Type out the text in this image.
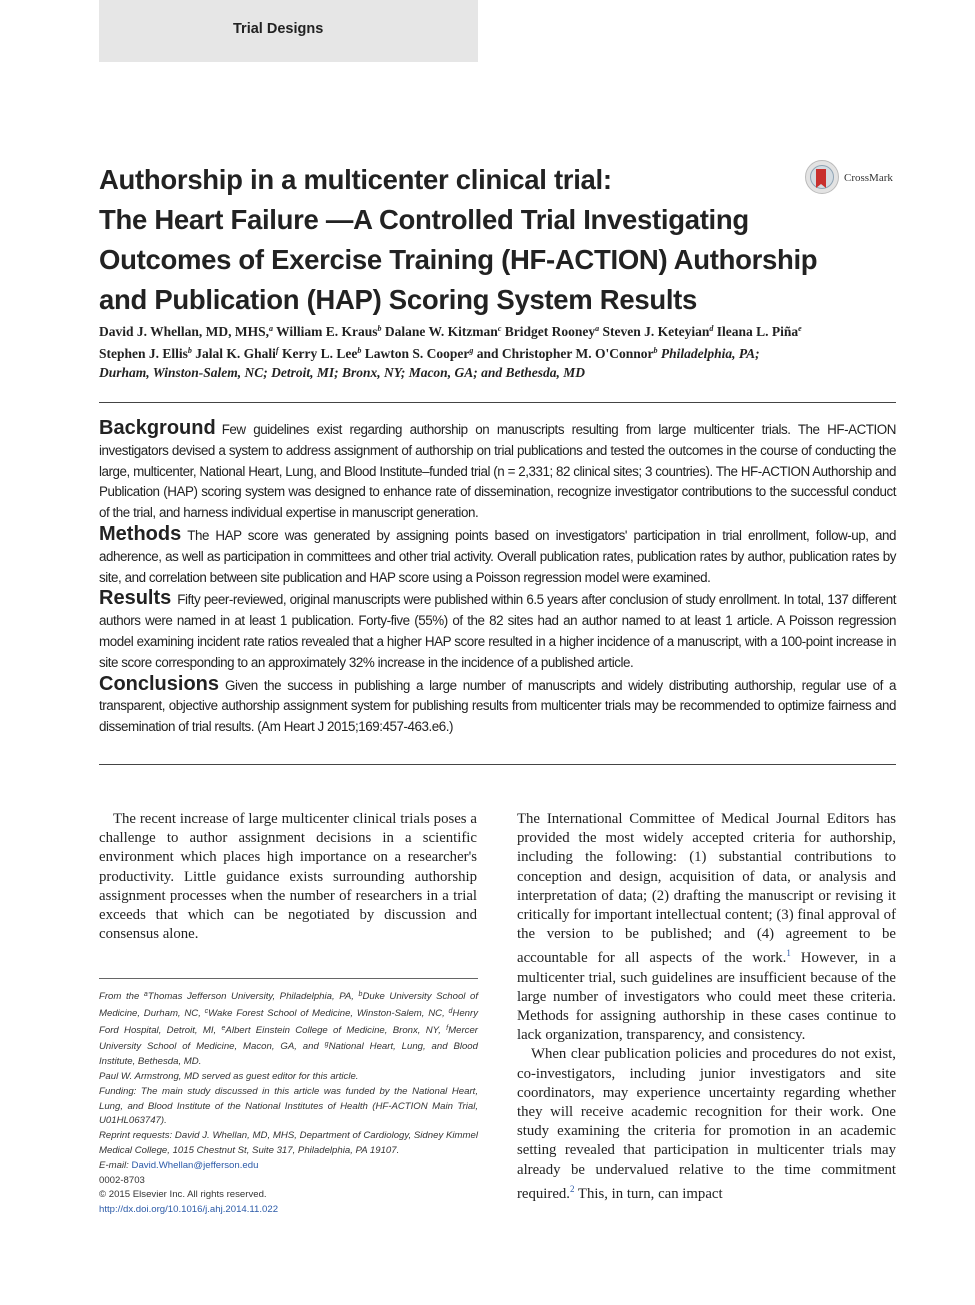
Trial Designs
Authorship in a multicenter clinical trial:
The Heart Failure —A Controlled Trial Investigating
Outcomes of Exercise Training (HF-ACTION) Authorship
and Publication (HAP) Scoring System Results
CrossMark
David J. Whellan, MD, MHS,$^a$ William E. Kraus$^b$ Dalane W. Kitzman$^c$ Bridget Rooney$^a$ Steven J. Keteyian$^d$ Ileana L. Piña$^e$
Stephen J. Ellis$^b$ Jalal K. Ghali$^f$ Kerry L. Lee$^b$ Lawton S. Cooper$^g$ and Christopher M. O'Connor$^b$ Philadelphia, PA;
Durham, Winston-Salem, NC; Detroit, MI; Bronx, NY; Macon, GA; and Bethesda, MD

Background Few guidelines exist regarding authorship on manuscripts resulting from large multicenter trials. The HF-ACTION investigators devised a system to address assignment of authorship on trial publications and tested the outcomes in the course of conducting the large, multicenter, National Heart, Lung, and Blood Institute–funded trial (n = 2,331; 82 clinical sites; 3 countries). The HF-ACTION Authorship and Publication (HAP) scoring system was designed to enhance rate of dissemination, recognize investigator contributions to the successful conduct of the trial, and harness individual expertise in manuscript generation.

Methods The HAP score was generated by assigning points based on investigators' participation in trial enrollment, follow-up, and adherence, as well as participation in committees and other trial activity. Overall publication rates, publication rates by author, publication rates by site, and correlation between site publication and HAP score using a Poisson regression model were examined.

Results Fifty peer-reviewed, original manuscripts were published within 6.5 years after conclusion of study enrollment. In total, 137 different authors were named in at least 1 publication. Forty-five (55%) of the 82 sites had an author named to at least 1 article. A Poisson regression model examining incident rate ratios revealed that a higher HAP score resulted in a higher incidence of a manuscript, with a 100-point increase in site score corresponding to an approximately 32% increase in the incidence of a published article.

Conclusions Given the success in publishing a large number of manuscripts and widely distributing authorship, regular use of a transparent, objective authorship assignment system for publishing results from multicenter trials may be recommended to optimize fairness and dissemination of trial results. (Am Heart J 2015;169:457-463.e6.)

The recent increase of large multicenter clinical trials poses a challenge to author assignment decisions in a scientific environment which places high importance on a researcher's productivity. Little guidance exists surrounding authorship assignment processes when the number of researchers in a trial exceeds that which can be negotiated by discussion and consensus alone.

From the $^a$Thomas Jefferson University, Philadelphia, PA, $^b$Duke University School of Medicine, Durham, NC, $^c$Wake Forest School of Medicine, Winston-Salem, NC, $^d$Henry Ford Hospital, Detroit, MI, $^e$Albert Einstein College of Medicine, Bronx, NY, $^f$Mercer University School of Medicine, Macon, GA, and $^g$National Heart, Lung, and Blood Institute, Bethesda, MD.

Paul W. Armstrong, MD served as guest editor for this article.

Funding: The main study discussed in this article was funded by the National Heart, Lung, and Blood Institute of the National Institutes of Health (HF-ACTION Main Trial, U01HL063747).

Reprint requests: David J. Whellan, MD, MHS, Department of Cardiology, Sidney Kimmel Medical College, 1015 Chestnut St, Suite 317, Philadelphia, PA 19107.

E-mail: David.Whellan@jefferson.edu

0002-8703

© 2015 Elsevier Inc. All rights reserved.

http://dx.doi.org/10.1016/j.ahj.2014.11.022

The International Committee of Medical Journal Editors has provided the most widely accepted criteria for authorship, including the following: (1) substantial contributions to conception and design, acquisition of data, or analysis and interpretation of data; (2) drafting the manuscript or revising it critically for important intellectual content; (3) final approval of the version to be published; and (4) agreement to be accountable for all aspects of the work.$^1$ However, in a multicenter trial, such guidelines are insufficient because of the large number of investigators who could meet these criteria. Methods for assigning authorship in these cases continue to lack organization, transparency, and consistency.

When clear publication policies and procedures do not exist, co-investigators, including junior investigators and site coordinators, may experience uncertainty regarding whether they will receive academic recognition for their work. One study examining the criteria for promotion in an academic setting revealed that participation in multicenter trials may already be undervalued relative to the time commitment required.$^2$ This, in turn, can impact
